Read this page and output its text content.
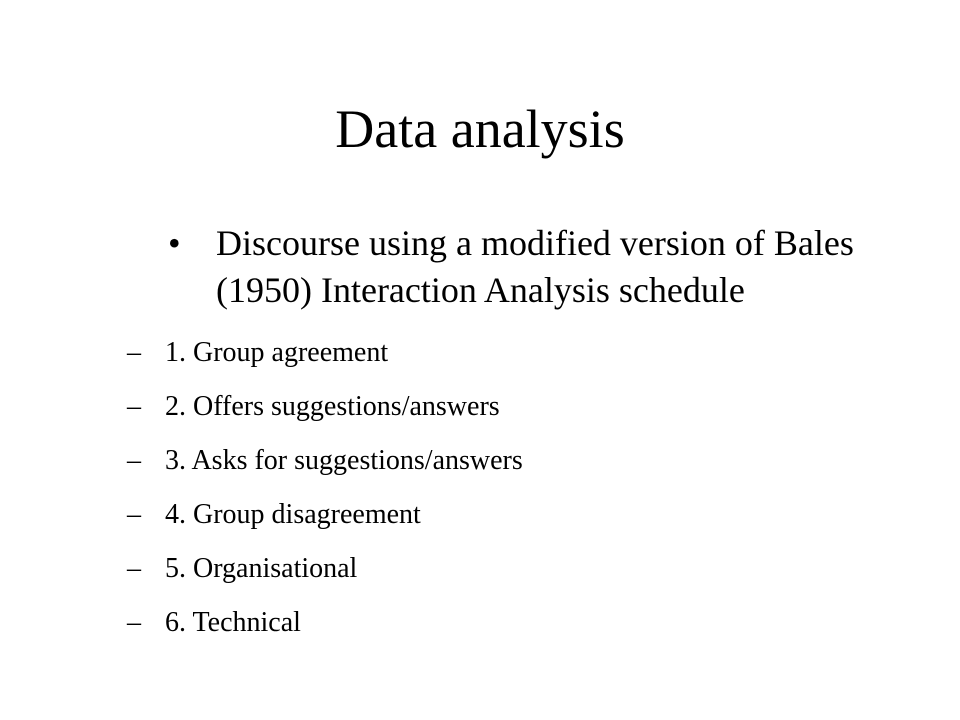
Data analysis
• Discourse using a modified version of Bales (1950) Interaction Analysis schedule
– 1. Group agreement
– 2. Offers suggestions/answers
– 3. Asks for suggestions/answers
– 4. Group disagreement
– 5. Organisational
– 6. Technical
